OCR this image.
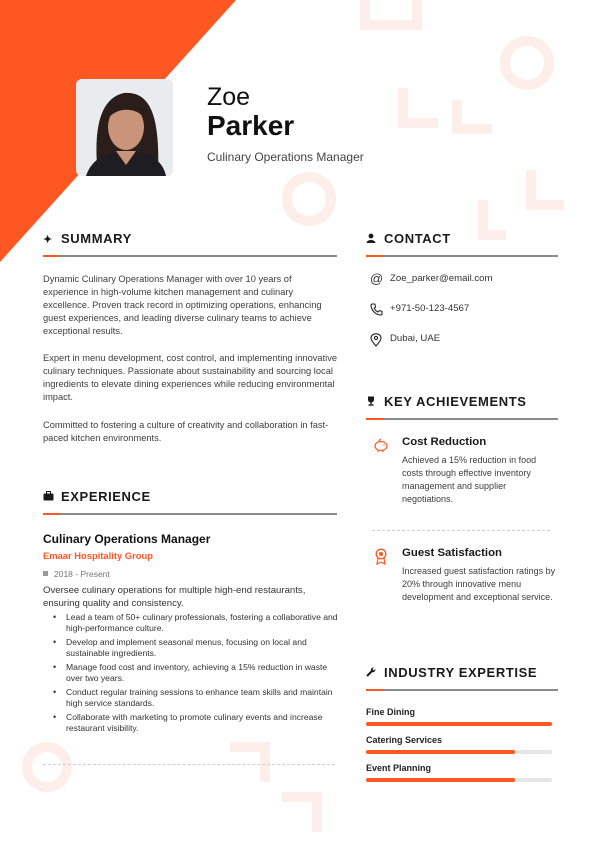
Zoe
Parker
Culinary Operations Manager
✦ SUMMARY
Dynamic Culinary Operations Manager with over 10 years of experience in high-volume kitchen management and culinary excellence. Proven track record in optimizing operations, enhancing guest experiences, and leading diverse culinary teams to achieve exceptional results.
Expert in menu development, cost control, and implementing innovative culinary techniques. Passionate about sustainability and sourcing local ingredients to elevate dining experiences while reducing environmental impact.
Committed to fostering a culture of creativity and collaboration in fast-paced kitchen environments.
CONTACT
@ Zoe_parker@email.com
+971-50-123-4567
Dubai, UAE
KEY ACHIEVEMENTS
Cost Reduction
Achieved a 15% reduction in food costs through effective inventory management and supplier negotiations.
Guest Satisfaction
Increased guest satisfaction ratings by 20% through innovative menu development and exceptional service.
EXPERIENCE
Culinary Operations Manager
Emaar Hospitality Group
2018 - Present
Oversee culinary operations for multiple high-end restaurants, ensuring quality and consistency.
• Lead a team of 50+ culinary professionals, fostering a collaborative and high-performance culture.
• Develop and implement seasonal menus, focusing on local and sustainable ingredients.
• Manage food cost and inventory, achieving a 15% reduction in waste over two years.
• Conduct regular training sessions to enhance team skills and maintain high service standards.
• Collaborate with marketing to promote culinary events and increase restaurant visibility.
INDUSTRY EXPERTISE
Fine Dining
Catering Services
Event Planning
